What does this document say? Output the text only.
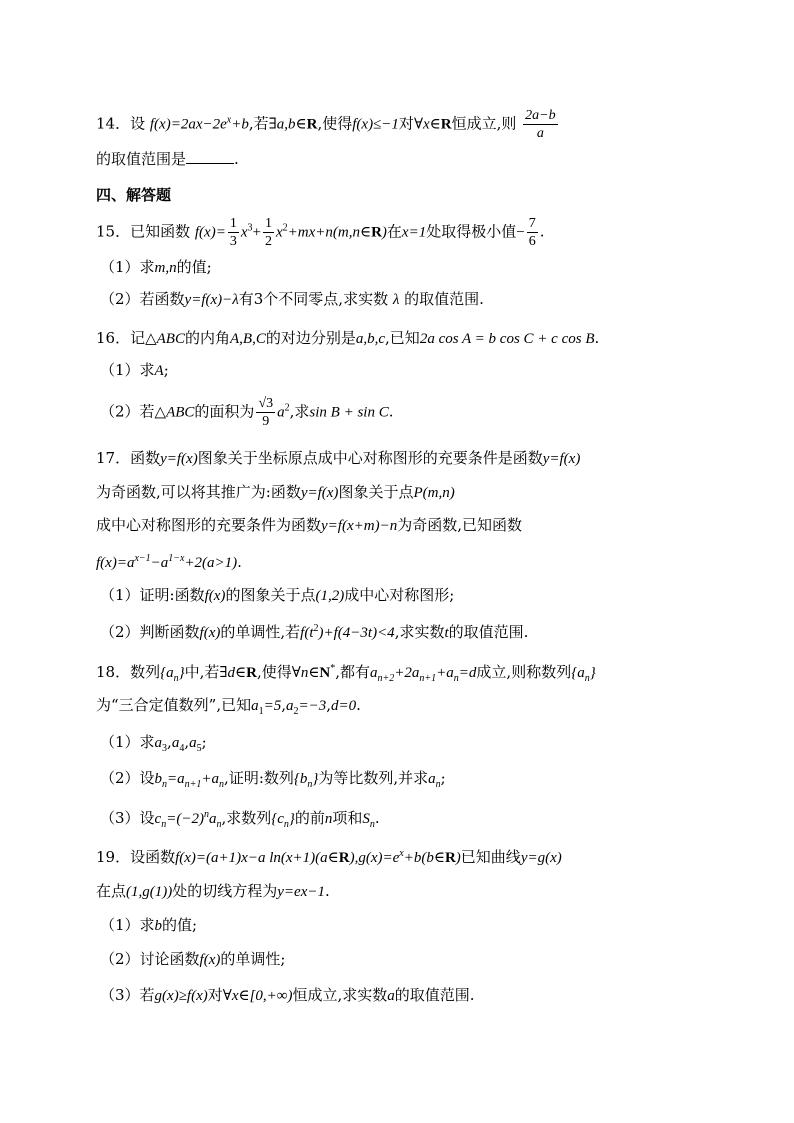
14．设 $f(x)=2ax-2e^x+b$,若∃a,b∈R,使得f(x)≤−1对∀x∈R恒成立,则 $\frac{2a-b}{a}$
的取值范围是	.
四、解答题
15．已知函数 $f(x)= \frac{1}{3} x^3+ \frac{1}{2}$ $x^2+mx+n(m,n\in R)$在x=1处取得极小值− $\frac{7}{6}$ .
（1）求m,n的值;
（2）若函数y=f(x)−λ有3个不同零点,求实数 λ 的取值范围.
16．记△ABC的内角A,B,C的对边分别是a,b,c,已知2a cos A = b cos C + c cos B.
（1）求A;
（2）若△ABC的面积为 $\frac{√3}{9} a^2$,求sin B + sin C.
17．函数y=f(x)图象关于坐标原点成中心对称图形的充要条件是函数y=f(x)
为奇函数,可以将其推广为:函数y=f(x)图象关于点P(m,n)
成中心对称图形的充要条件为函数y=f(x+m)−n为奇函数,已知函数
$f(x)=a^{x-1}-a^{1-x}+2(a>1)$.
（1）证明:函数f(x)的图象关于点(1,2)成中心对称图形;
（2）判断函数f(x)的单调性,若$f(t^2)+f(4-3t)<4$,求实数t的取值范围.
18．数列$\{a_n\}$中,若∃d∈R,使得∀n∈N*,都有$a_{n+2}+2a_{n+1}+a_n=d$成立,则称数列$\{a_n\}$
为“三合定值数列”,已知$a_1=5,a_2=-3,d=0$.
（1）求$a_3,a_4,a_5$;
（2）设$b_n=a_{n+1}+a_n$,证明:数列$\{b_n\}$为等比数列,并求$a_n$;
（3）设$c_n=(-2)^na_n$,求数列$\{c_n\}$的前n项和$S_n$.
19．设函数f(x)=(a+1)x−a $\ln(x+1)(a\in R),g(x)=e^x+b(b\in R)$已知曲线y=g(x)
在点(1,g(1))处的切线方程为y=ex−1.
（1）求b的值;
（2）讨论函数f(x)的单调性;
（3）若g(x)≥f(x)对∀x∈[0,+∞)恒成立,求实数a的取值范围.
